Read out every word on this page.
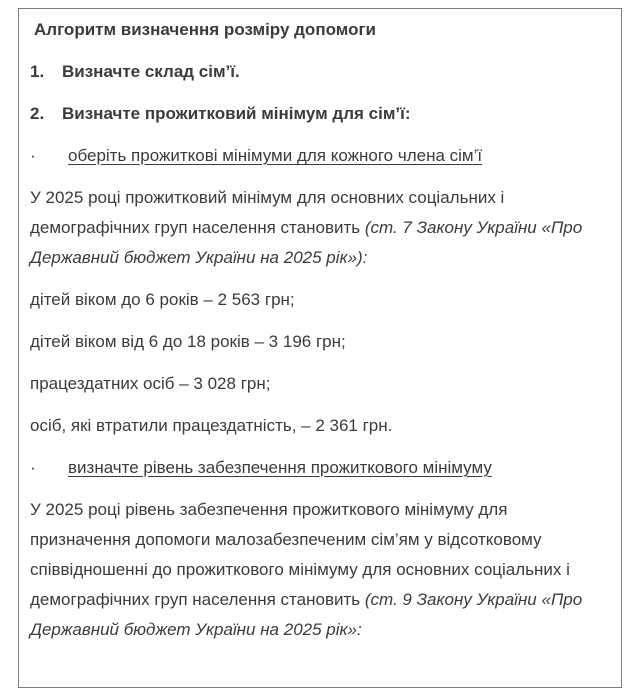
Алгоритм визначення розміру допомоги
1.	Визначте склад сім’ї.
2.	Визначте прожитковий мінімум для сім’ї:
·	оберіть прожиткові мінімуми для кожного члена сім’ї

У 2025 році прожитковий мінімум для основних соціальних і демографічних груп населення становить (ст. 7 Закону України «Про Державний бюджет України на 2025 рік»):

дітей віком до 6 років – 2 563 грн;

дітей віком від 6 до 18 років – 3 196 грн;

працездатних осіб – 3 028 грн;

осіб, які втратили працездатність, – 2 361 грн.

·	визначте рівень забезпечення прожиткового мінімуму

У 2025 році рівень забезпечення прожиткового мінімуму для призначення допомоги малозабезпеченим сім’ям у відсотковому співвідношенні до прожиткового мінімуму для основних соціальних і демографічних груп населення становить (ст. 9 Закону України «Про Державний бюджет України на 2025 рік»:
